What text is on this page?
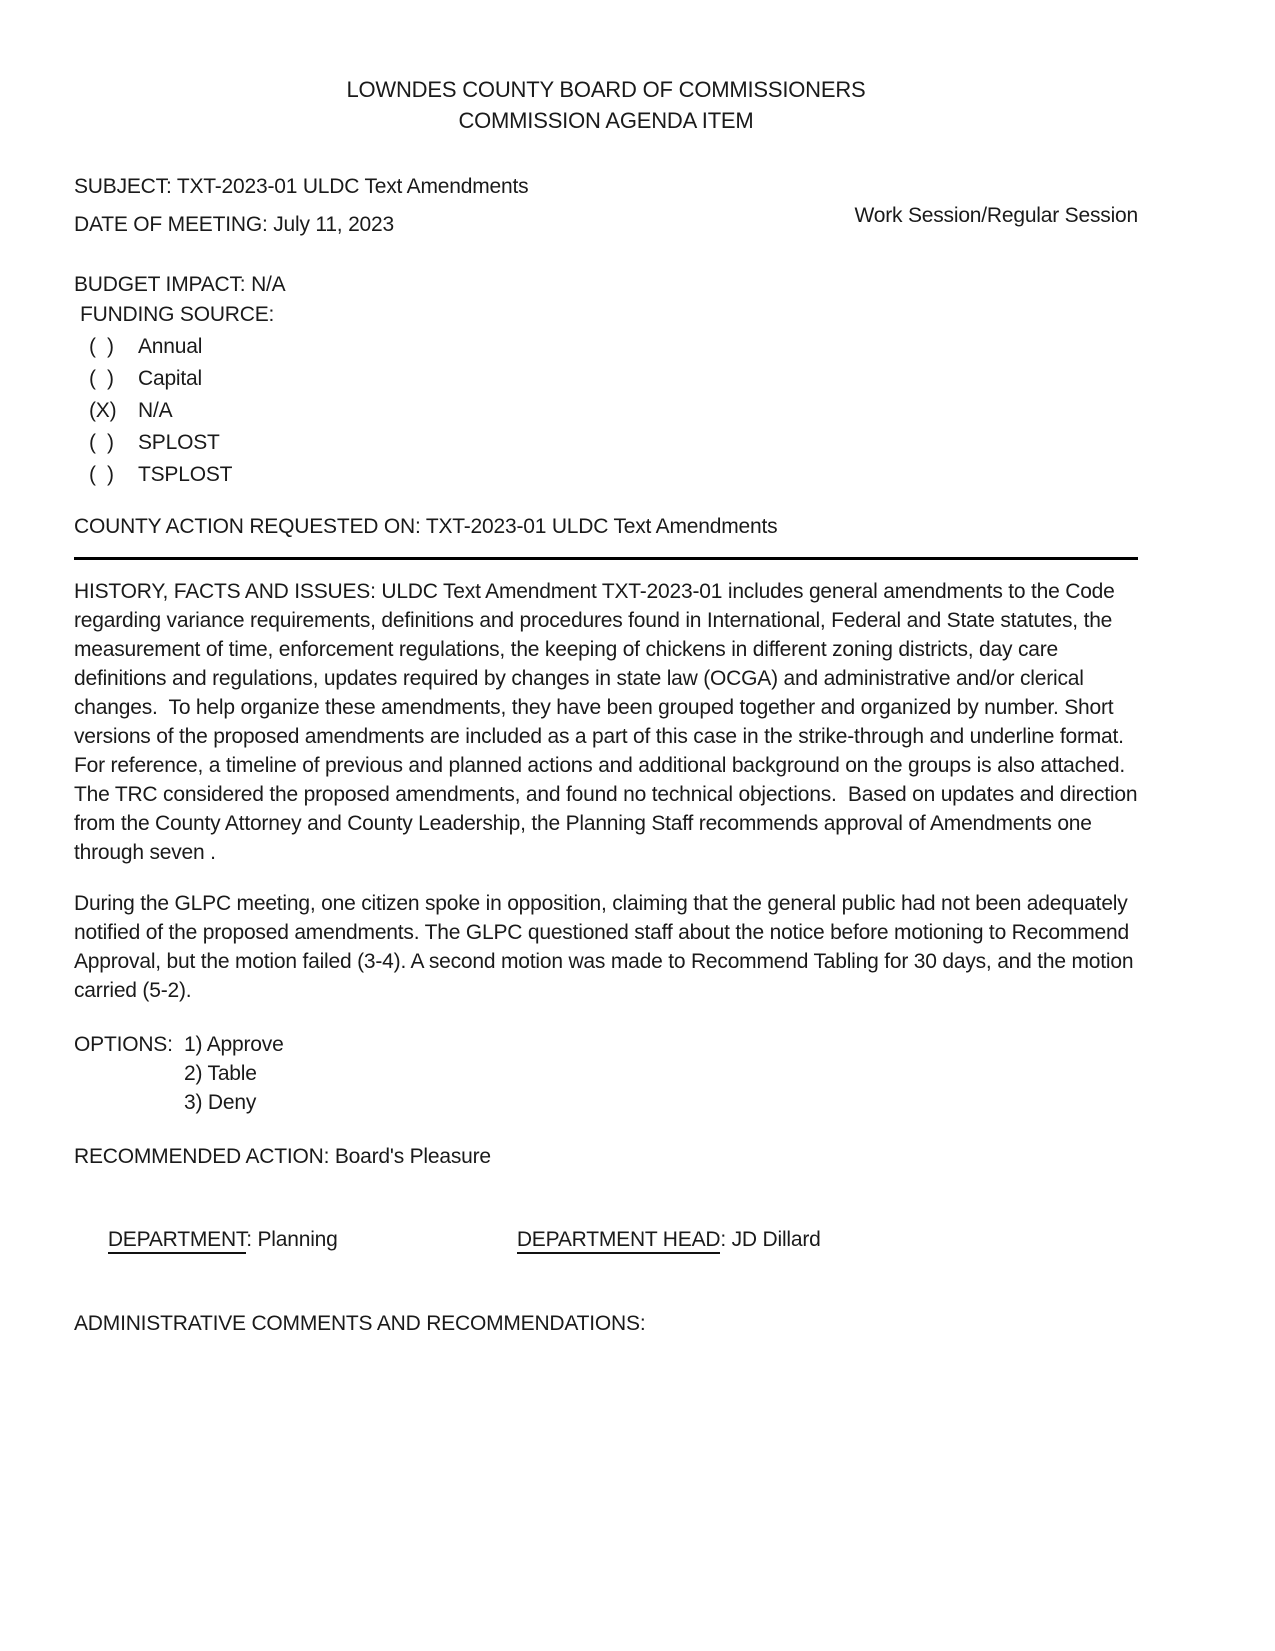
LOWNDES COUNTY BOARD OF COMMISSIONERS
COMMISSION AGENDA ITEM
SUBJECT: TXT-2023-01 ULDC Text Amendments
DATE OF MEETING: July 11, 2023	Work Session/Regular Session
BUDGET IMPACT: N/A
FUNDING SOURCE:
(  )	Annual
(  )	Capital
(X)	N/A
(  )	SPLOST
(  )	TSPLOST
COUNTY ACTION REQUESTED ON: TXT-2023-01 ULDC Text Amendments
HISTORY, FACTS AND ISSUES: ULDC Text Amendment TXT-2023-01 includes general amendments to the Code regarding variance requirements, definitions and procedures found in International, Federal and State statutes, the measurement of time, enforcement regulations, the keeping of chickens in different zoning districts, day care definitions and regulations, updates required by changes in state law (OCGA) and administrative and/or clerical changes.  To help organize these amendments, they have been grouped together and organized by number. Short versions of the proposed amendments are included as a part of this case in the strike-through and underline format.   For reference, a timeline of previous and planned actions and additional background on the groups is also attached.   The TRC considered the proposed amendments, and found no technical objections.  Based on updates and direction from the County Attorney and County Leadership, the Planning Staff recommends approval of Amendments one through seven .
During the GLPC meeting, one citizen spoke in opposition, claiming that the general public had not been adequately notified of the proposed amendments. The GLPC questioned staff about the notice before motioning to Recommend Approval, but the motion failed (3-4). A second motion was made to Recommend Tabling for 30 days, and the motion carried (5-2).
OPTIONS: 1) Approve
2) Table
3) Deny
RECOMMENDED ACTION: Board's Pleasure

DEPARTMENT: Planning
	DEPARTMENT HEAD: JD Dillard

ADMINISTRATIVE COMMENTS AND RECOMMENDATIONS:
